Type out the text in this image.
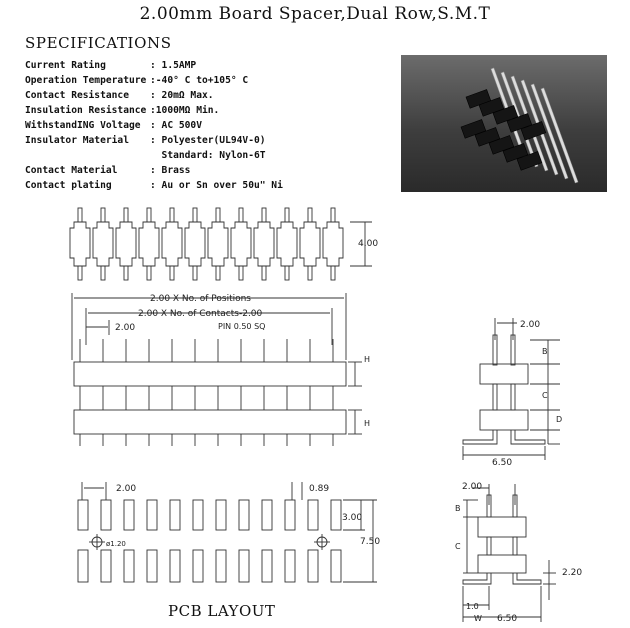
2.00mm Board Spacer,Dual Row,S.M.T
SPECIFICATIONS
Current Rating	: 1.5AMP
Operation Temperature :-40° C to+105° C
Contact Resistance : 20mΩ Max.
Insulation Resistance :1000MΩ Min.
WithstandING Voltage : AC 500V
Insulator Material : Polyester(UL94V-0)
Standard: Nylon-6T
Contact Material	: Brass
Contact plating	: Au or Sn over 50u" Ni
4.00
2.00 X No. of Positions
2.00 X No. of Contacts-2.00
2.00	PIN 0.50 SQ
H
H
2.00
B
C
D
6.50
2.00	0.89
3.00
7.50
ø1.20
2.00
B
C
2.20
1.0
W 6.50
PCB LAYOUT
